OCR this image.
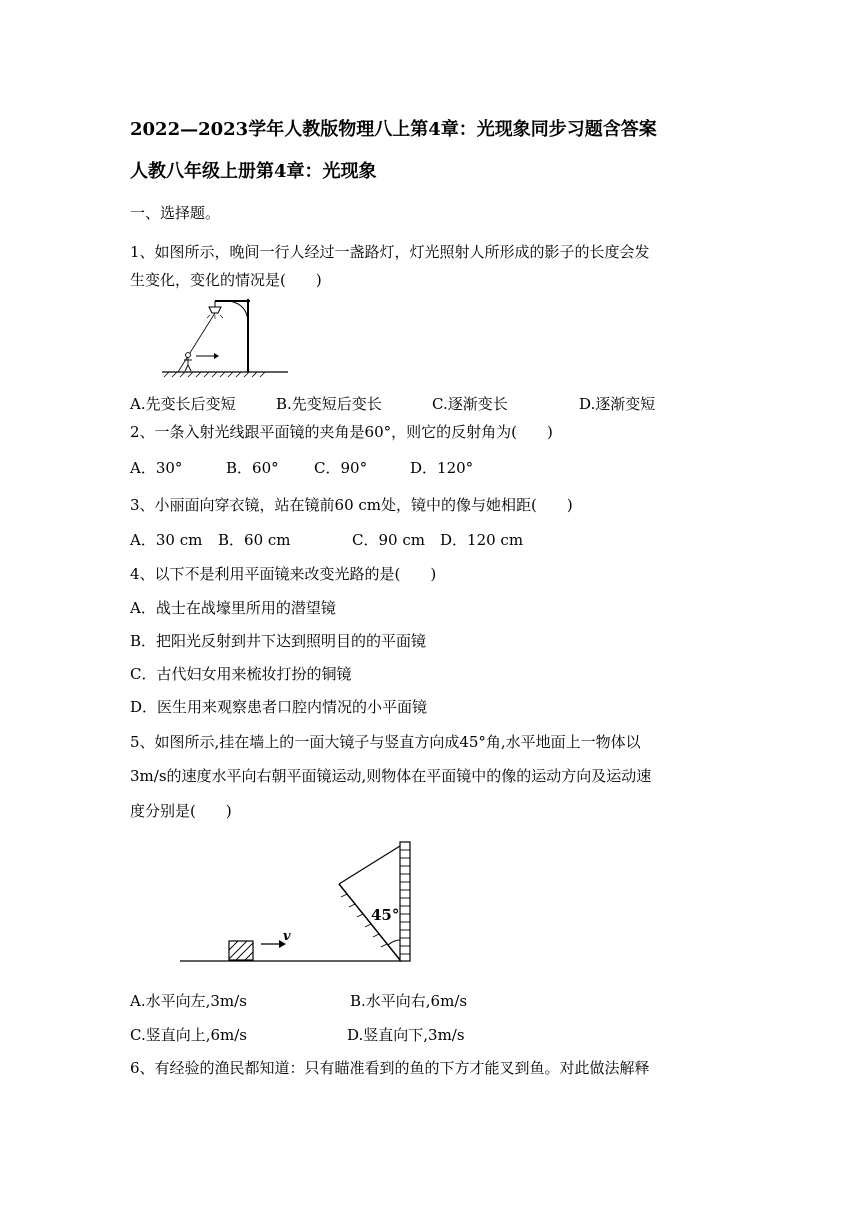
2022—2023学年人教版物理八上第4章：光现象同步习题含答案
人教八年级上册第4章：光现象
一、选择题。
1、如图所示，晚间一行人经过一盏路灯，灯光照射人所形成的影子的长度会发
生变化，变化的情况是(　　)
A.先变长后变短	B.先变短后变长	C.逐渐变长	D.逐渐变短
2、一条入射光线跟平面镜的夹角是60°，则它的反射角为(　　)
A．30°	B．60° C．90°	D．120°
3、小丽面向穿衣镜，站在镜前60 cm处，镜中的像与她相距(　　)
A．30 cm B．60 cm	C．90 cm D．120 cm
4、以下不是利用平面镜来改变光路的是(　　)
A．战士在战壕里所用的潜望镜
B．把阳光反射到井下达到照明目的的平面镜
C．古代妇女用来梳妆打扮的铜镜
D．医生用来观察患者口腔内情况的小平面镜
5、如图所示,挂在墙上的一面大镜子与竖直方向成45°角,水平地面上一物体以
3m/s的速度水平向右朝平面镜运动,则物体在平面镜中的像的运动方向及运动速
度分别是(　　)
v
45°
A.水平向左,3m/s	B.水平向右,6m/s
C.竖直向上,6m/s	D.竖直向下,3m/s
6、有经验的渔民都知道：只有瞄准看到的鱼的下方才能叉到鱼。对此做法解释
